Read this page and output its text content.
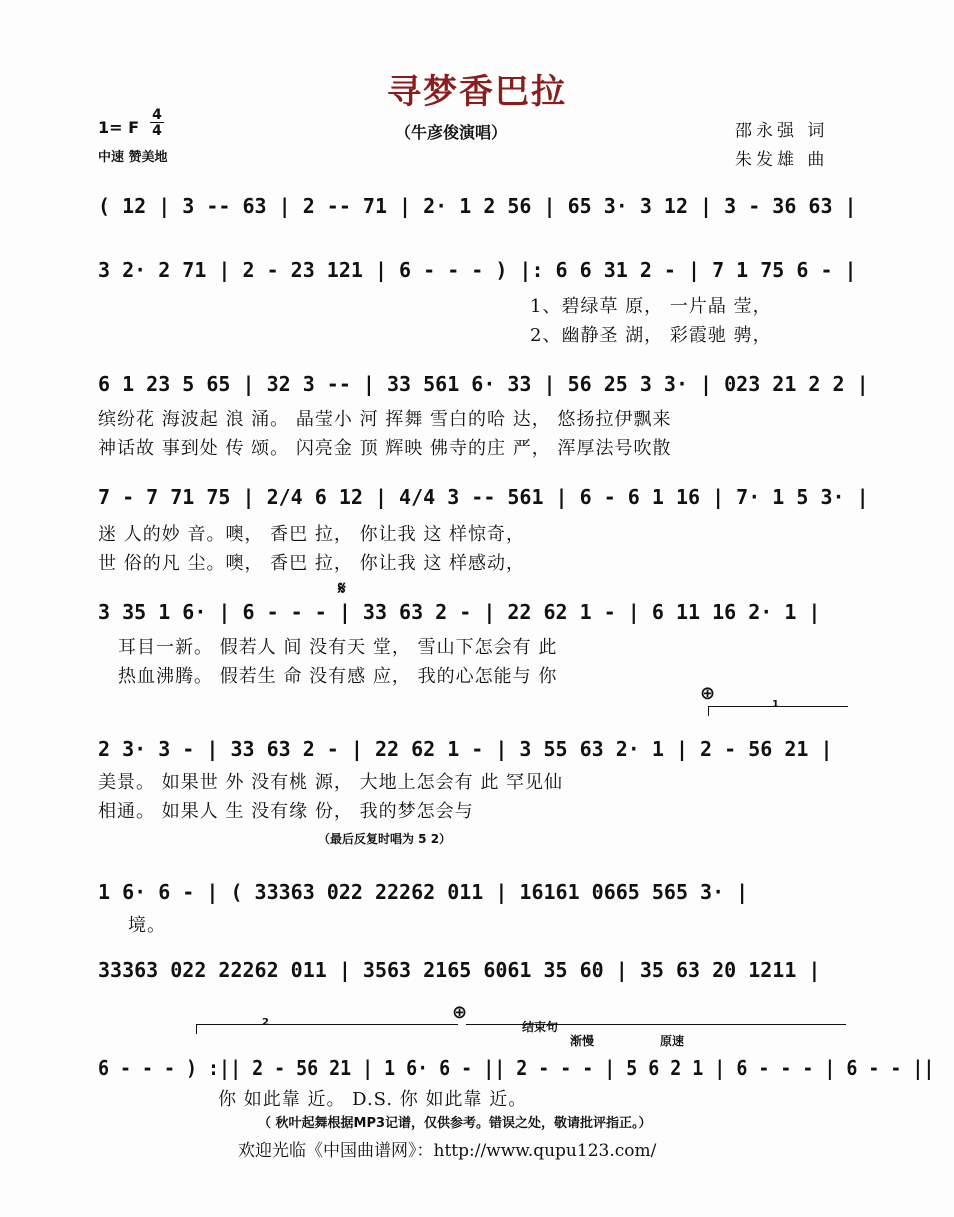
寻梦香巴拉
1= F
4
4
中速 赞美地
（牛彦俊演唱）	邵永强 词
朱发雄 曲
( 12 | 3 -- 63 | 2 -- 71 | 2· 1 2 56 | 65 3· 3 12 | 3 - 36 63 |
3 2· 2 71 | 2 - 23 121 | 6 - - - ) |: 6 6 31 2 - | 7 1 75 6 - |
1、碧绿草 原， 一片晶 莹，
2、幽静圣 湖， 彩霞驰 骋，
6 1 23 5 65 | 32 3 -- | 33 561 6· 33 | 56 25 3 3· | 023 21 2 2 |
缤纷花 海波起 浪 涌。 晶莹小 河 挥舞 雪白的哈 达， 悠扬拉伊飘来
神话故 事到处 传 颂。 闪亮金 顶 辉映 佛寺的庄 严， 浑厚法号吹散
7 - 7 71 75 | 2/4 6 12 | 4/4 3 -- 561 | 6 - 6 1 16 | 7· 1 5 3· |
迷 人的妙 音。噢， 香巴 拉， 你让我 这 样惊奇，
世 俗的凡 尘。噢， 香巴 拉， 你让我 这 样感动，
𝄋
3 35 1 6· | 6 - - - | 33 63 2 - | 22 62 1 - | 6 11 16 2· 1 |
耳目一新。 假若人 间 没有天 堂， 雪山下怎会有 此
热血沸腾。 假若生 命 没有感 应， 我的心怎能与 你
⊕
1
2 3· 3 - | 33 63 2 - | 22 62 1 - | 3 55 63 2· 1 | 2 - 56 21 |
美景。 如果世 外 没有桃 源， 大地上怎会有 此 罕见仙
相通。 如果人 生 没有缘 份， 我的梦怎会与
（最后反复时唱为 5 2）
1 6· 6 - | ( 33363 022 22262 011 | 16161 0665 565 3· |
境。
33363 022 22262 011 | 3563 2165 6061 35 60 | 35 63 20 1211 |
2	⊕
结束句
渐慢	原速
6 - - - ) :|| 2 - 56 21 | 1 6· 6 - || 2 - - - | 5 6 2 1 | 6 - - - | 6 - - ||
你 如此靠 近。 D.S. 你 如此靠 近。
（ 秋叶起舞根据MP3记谱，仅供参考。错误之处，敬请批评指正。）
欢迎光临《中国曲谱网》：http://www.qupu123.com/
